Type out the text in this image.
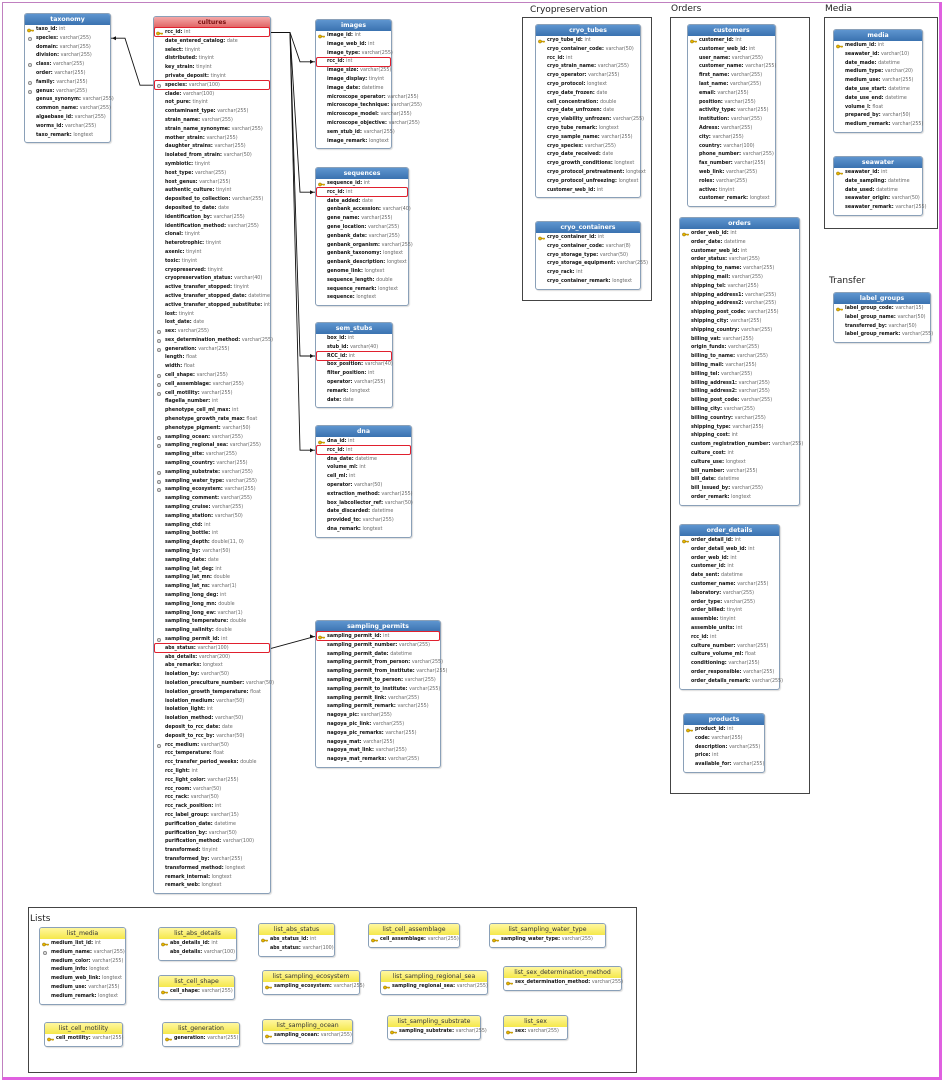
Cryopreservation	Orders	Media
Transfer
Lists
taxonomy
taxo_id: int
species: varchar(255)
domain: varchar(255)
division: varchar(255)
class: varchar(255)
order: varchar(255)
family: varchar(255)
genus: varchar(255)
genus_synonym: varchar(255)
common_name: varchar(255)
algaebase_id: varchar(255)
worms_id: varchar(255)
taxo_remark: longtext
cultures
rcc_id: int
date_entered_catalog: date
select: tinyint
distributed: tinyint
key_strain: tinyint
private_deposit: tinyint
species: varchar(100)
clade: varchar(100)
not_pure: tinyint
contaminant_type: varchar(255)
strain_name: varchar(255)
strain_name_synonyme: varchar(255)
mother_strain: varchar(255)
daughter_strains: varchar(255)
isolated_from_strain: varchar(50)
symbiotic: tinyint
host_type: varchar(255)
host_genus: varchar(255)
authentic_culture: tinyint
deposited_to_collection: varchar(255)
deposited_to_date: date
identification_by: varchar(255)
identification_method: varchar(255)
clonal: tinyint
heterotrophic: tinyint
axenic: tinyint
toxic: tinyint
cryopreserved: tinyint
cryopreservation_status: varchar(40)
active_transfer_stopped: tinyint
active_transfer_stopped_date: datetime
active_transfer_stopped_substitute: int
lost: tinyint
lost_date: date
sex: varchar(255)
sex_determination_method: varchar(255)
generation: varchar(255)
length: float
width: float
cell_shape: varchar(255)
cell_assemblage: varchar(255)
cell_motility: varchar(255)
flagella_number: int
phenotype_cell_ml_max: int
phenotype_growth_rate_max: float
phenotype_pigment: varchar(50)
sampling_ocean: varchar(255)
sampling_regional_sea: varchar(255)
sampling_site: varchar(255)
sampling_country: varchar(255)
sampling_substrate: varchar(255)
sampling_water_type: varchar(255)
sampling_ecosystem: varchar(255)
sampling_comment: varchar(255)
sampling_cruise: varchar(255)
sampling_station: varchar(50)
sampling_ctd: int
sampling_bottle: int
sampling_depth: double(11, 0)
sampling_by: varchar(50)
sampling_date: date
sampling_lat_deg: int
sampling_lat_mn: double
sampling_lat_ns: varchar(1)
sampling_long_deg: int
sampling_long_mn: double
sampling_long_ew: varchar(1)
sampling_temperature: double
sampling_salinity: double
sampling_permit_id: int
abs_status: varchar(100)
abs_details: varchar(200)
abs_remarks: longtext
isolation_by: varchar(50)
isolation_preculture_number: varchar(50)
isolation_growth_temperature: float
isolation_medium: varchar(50)
isolation_light: int
isolation_method: varchar(50)
deposit_to_rcc_date: date
deposit_to_rcc_by: varchar(50)
rcc_medium: varchar(50)
rcc_temperature: float
rcc_transfer_period_weeks: double
rcc_light: int
rcc_light_color: varchar(255)
rcc_room: varchar(50)
rcc_rack: varchar(50)
rcc_rack_position: int
rcc_label_group: varchar(15)
purification_date: datetime
purification_by: varchar(50)
purification_method: varchar(100)
transformed: tinyint
transformed_by: varchar(255)
transformed_method: longtext
remark_internal: longtext
remark_web: longtext
images
image_id: int
image_web_id: int
image_type: varchar(255)
rcc_id: int
image_size: varchar(255)
image_display: tinyint
image_date: datetime
microscope_operator: varchar(255)
microscope_technique: varchar(255)
microscope_model: varchar(255)
microscope_objective: varchar(255)
sem_stub_id: varchar(255)
image_remark: longtext
sequences
sequence_id: int
rcc_id: int
date_added: date
genbank_accession: varchar(40)
gene_name: varchar(255)
gene_location: varchar(255)
genbank_date: varchar(255)
genbank_organism: varchar(255)
genbank_taxonomy: longtext
genbank_description: longtext
genome_link: longtext
sequence_length: double
sequence_remark: longtext
sequence: longtext
sem_stubs
box_id: int
stub_id: varchar(40)
RCC_id: int
box_position: varchar(40)
filter_position: int
operator: varchar(255)
remark: longtext
date: date
dna
dna_id: int
rcc_id: int
dna_date: datetime
volume_ml: int
cell_ml: int
operator: varchar(50)
extraction_method: varchar(255)
box_labcollector_ref: varchar(50)
date_discarded: datetime
provided_to: varchar(255)
dna_remark: longtext
sampling_permits
sampling_permit_id: int
sampling_permit_number: varchar(255)
sampling_permit_date: datetime
sampling_permit_from_person: varchar(255)
sampling_permit_from_institute: varchar(255)
sampling_permit_to_person: varchar(255)
sampling_permit_to_institute: varchar(255)
sampling_permit_link: varchar(255)
sampling_permit_remark: varchar(255)
nagoya_pic: varchar(255)
nagoya_pic_link: varchar(255)
nagoya_pic_remarks: varchar(255)
nagoya_mat: varchar(255)
nagoya_mat_link: varchar(255)
nagoya_mat_remarks: varchar(255)
cryo_tubes
cryo_tube_id: int
cryo_container_code: varchar(50)
rcc_id: int
cryo_strain_name: varchar(255)
cryo_operator: varchar(255)
cryo_protocol: longtext
cryo_date_frozen: date
cell_concentration: double
cryo_date_unfrozen: date
cryo_viability_unfrozen: varchar(255)
cryo_tube_remark: longtext
cryo_sample_name: varchar(255)
cryo_species: varchar(255)
cryo_date_received: date
cryo_growth_conditions: longtext
cryo_protocol_pretreatment: longtext
cryo_protocol_unfreezing: longtext
customer_web_id: int
cryo_containers
cryo_container_id: int
cryo_container_code: varchar(8)
cryo_storage_type: varchar(50)
cryo_storage_equipment: varchar(255)
cryo_rack: int
cryo_container_remark: longtext
customers
customer_id: int
customer_web_id: int
user_name: varchar(255)
customer_name: varchar(255)
first_name: varchar(255)
last_name: varchar(255)
email: varchar(255)
position: varchar(255)
activity_type: varchar(255)
institution: varchar(255)
Adress: varchar(255)
city: varchar(255)
country: varchar(100)
phone_number: varchar(255)
fax_number: varchar(255)
web_link: varchar(255)
roles: varchar(255)
active: tinyint
customer_remark: longtext
orders
order_web_id: int
order_date: datetime
customer_web_id: int
order_status: varchar(255)
shipping_to_name: varchar(255)
shipping_mail: varchar(255)
shipping_tel: varchar(255)
shipping_address1: varchar(255)
shipping_address2: varchar(255)
shipping_post_code: varchar(255)
shipping_city: varchar(255)
shipping_country: varchar(255)
billing_vat: varchar(255)
origin_funds: varchar(255)
billing_to_name: varchar(255)
billing_mail: varchar(255)
billing_tel: varchar(255)
billing_address1: varchar(255)
billing_address2: varchar(255)
billing_post_code: varchar(255)
billing_city: varchar(255)
billing_country: varchar(255)
shipping_type: varchar(255)
shipping_cost: int
custom_registration_number: varchar(255)
culture_cost: int
culture_use: longtext
bill_number: varchar(255)
bill_date: datetime
bill_issued_by: varchar(255)
order_remark: longtext
order_details
order_detail_id: int
order_detail_web_id: int
order_web_id: int
customer_id: int
date_sent: datetime
customer_name: varchar(255)
laboratory: varchar(255)
order_type: varchar(255)
order_billed: tinyint
assemble: tinyint
assemble_units: int
rcc_id: int
culture_number: varchar(255)
culture_volume_ml: float
conditioning: varchar(255)
order_responsible: varchar(255)
order_details_remark: varchar(255)
products
product_id: int
code: varchar(255)
description: varchar(255)
price: int
available_for: varchar(255)
media
medium_id: int
seawater_id: varchar(10)
date_made: datetime
medium_type: varchar(20)
medium_use: varchar(255)
date_use_start: datetime
date_use_end: datetime
volume_l: float
prepared_by: varchar(50)
medium_remark: varchar(255)
seawater
seawater_id: int
date_sampling: datetime
date_used: datetime
seawater_origin: varchar(50)
seawater_remark: varchar(255)
label_groups
label_group_code: varchar(15)
label_group_name: varchar(50)
transferred_by: varchar(50)
label_group_remark: varchar(255)
list_media
medium_list_id: int
medium_name: varchar(255)
medium_color: varchar(255)
medium_info: longtext
medium_web_link: longtext
medium_use: varchar(255)
medium_remark: longtext
list_abs_details
abs_details_id: int
abs_details: varchar(100)
list_abs_status
abs_status_id: int
abs_status: varchar(100)
list_cell_assemblage
cell_assemblage: varchar(255)
list_sampling_water_type
sampling_water_type: varchar(255)
list_cell_shape
cell_shape: varchar(255)
list_sampling_ecosystem
sampling_ecosystem: varchar(255)
list_sampling_regional_sea
sampling_regional_sea: varchar(255)
list_sex_determination_method
sex_determination_method: varchar(255)
list_cell_motility
cell_motility: varchar(255)
list_generation
generation: varchar(255)
list_sampling_ocean
sampling_ocean: varchar(255)
list_sampling_substrate
sampling_substrate: varchar(255)
list_sex
sex: varchar(255)
